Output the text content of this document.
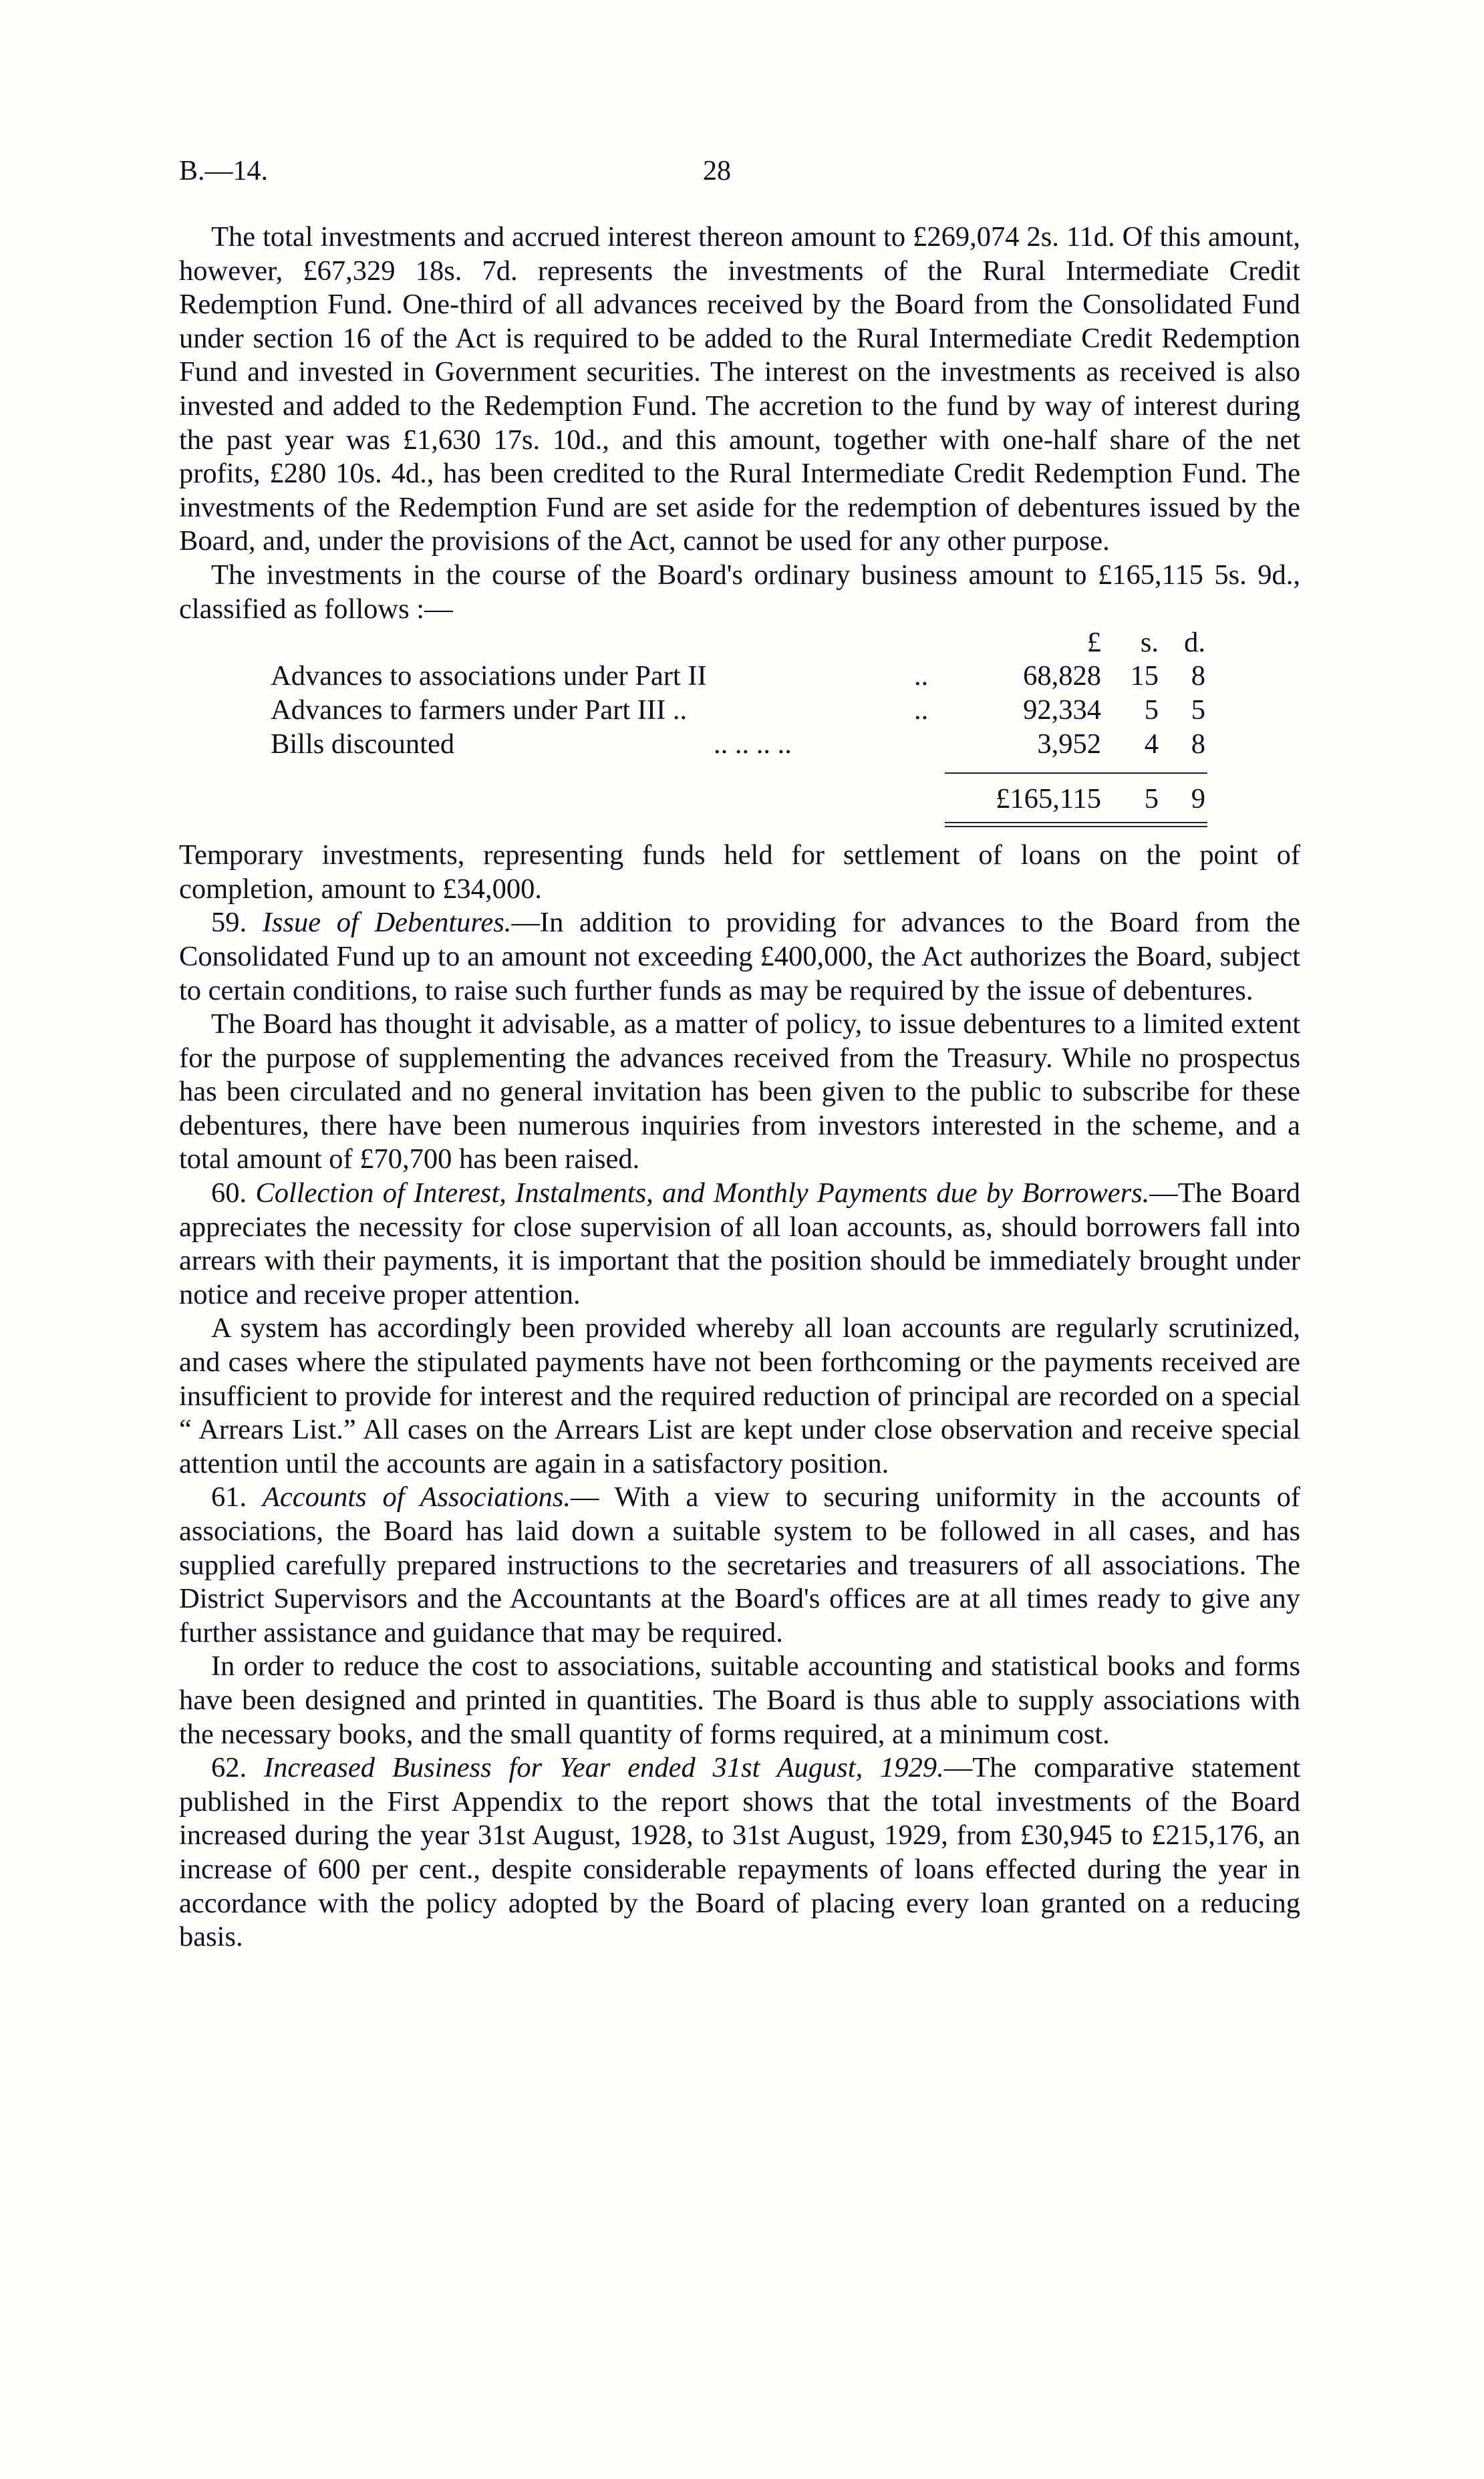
B.—14.	28

The total investments and accrued interest thereon amount to £269,074 2s. 11d. Of this amount, however, £67,329 18s. 7d. represents the investments of the Rural Intermediate Credit Redemption Fund. One-third of all advances received by the Board from the Consolidated Fund under section 16 of the Act is required to be added to the Rural Intermediate Credit Redemption Fund and invested in Government securities. The interest on the investments as received is also invested and added to the Redemption Fund. The accretion to the fund by way of interest during the past year was £1,630 17s. 10d., and this amount, together with one-half share of the net profits, £280 10s. 4d., has been credited to the Rural Intermediate Credit Redemption Fund. The investments of the Redemption Fund are set aside for the redemption of debentures issued by the Board, and, under the provisions of the Act, cannot be used for any other purpose.

The investments in the course of the Board's ordinary business amount to £165,115 5s. 9d., classified as follows :—

£	s. d.
Advances to associations under Part II	..	68,828	15	8
Advances to farmers under Part III ..	..	92,334	5	5
Bills discounted	.. .. .. ..	3,952	4	8
£165,115	5	9

Temporary investments, representing funds held for settlement of loans on the point of completion, amount to £34,000.

59. Issue of Debentures.—In addition to providing for advances to the Board from the Consolidated Fund up to an amount not exceeding £400,000, the Act authorizes the Board, subject to certain conditions, to raise such further funds as may be required by the issue of debentures.

The Board has thought it advisable, as a matter of policy, to issue debentures to a limited extent for the purpose of supplementing the advances received from the Treasury. While no prospectus has been circulated and no general invitation has been given to the public to subscribe for these debentures, there have been numerous inquiries from investors interested in the scheme, and a total amount of £70,700 has been raised.

60. Collection of Interest, Instalments, and Monthly Payments due by Borrowers.—The Board appreciates the necessity for close supervision of all loan accounts, as, should borrowers fall into arrears with their payments, it is important that the position should be immediately brought under notice and receive proper attention.

A system has accordingly been provided whereby all loan accounts are regularly scrutinized, and cases where the stipulated payments have not been forthcoming or the payments received are insufficient to provide for interest and the required reduction of principal are recorded on a special “ Arrears List.” All cases on the Arrears List are kept under close observation and receive special attention until the accounts are again in a satisfactory position.

61. Accounts of Associations.— With a view to securing uniformity in the accounts of associations, the Board has laid down a suitable system to be followed in all cases, and has supplied carefully prepared instructions to the secretaries and treasurers of all associations. The District Supervisors and the Accountants at the Board's offices are at all times ready to give any further assistance and guidance that may be required.

In order to reduce the cost to associations, suitable accounting and statistical books and forms have been designed and printed in quantities. The Board is thus able to supply associations with the necessary books, and the small quantity of forms required, at a minimum cost.

62. Increased Business for Year ended 31st August, 1929.—The comparative statement published in the First Appendix to the report shows that the total investments of the Board increased during the year 31st August, 1928, to 31st August, 1929, from £30,945 to £215,176, an increase of 600 per cent., despite considerable repayments of loans effected during the year in accordance with the policy adopted by the Board of placing every loan granted on a reducing basis.
